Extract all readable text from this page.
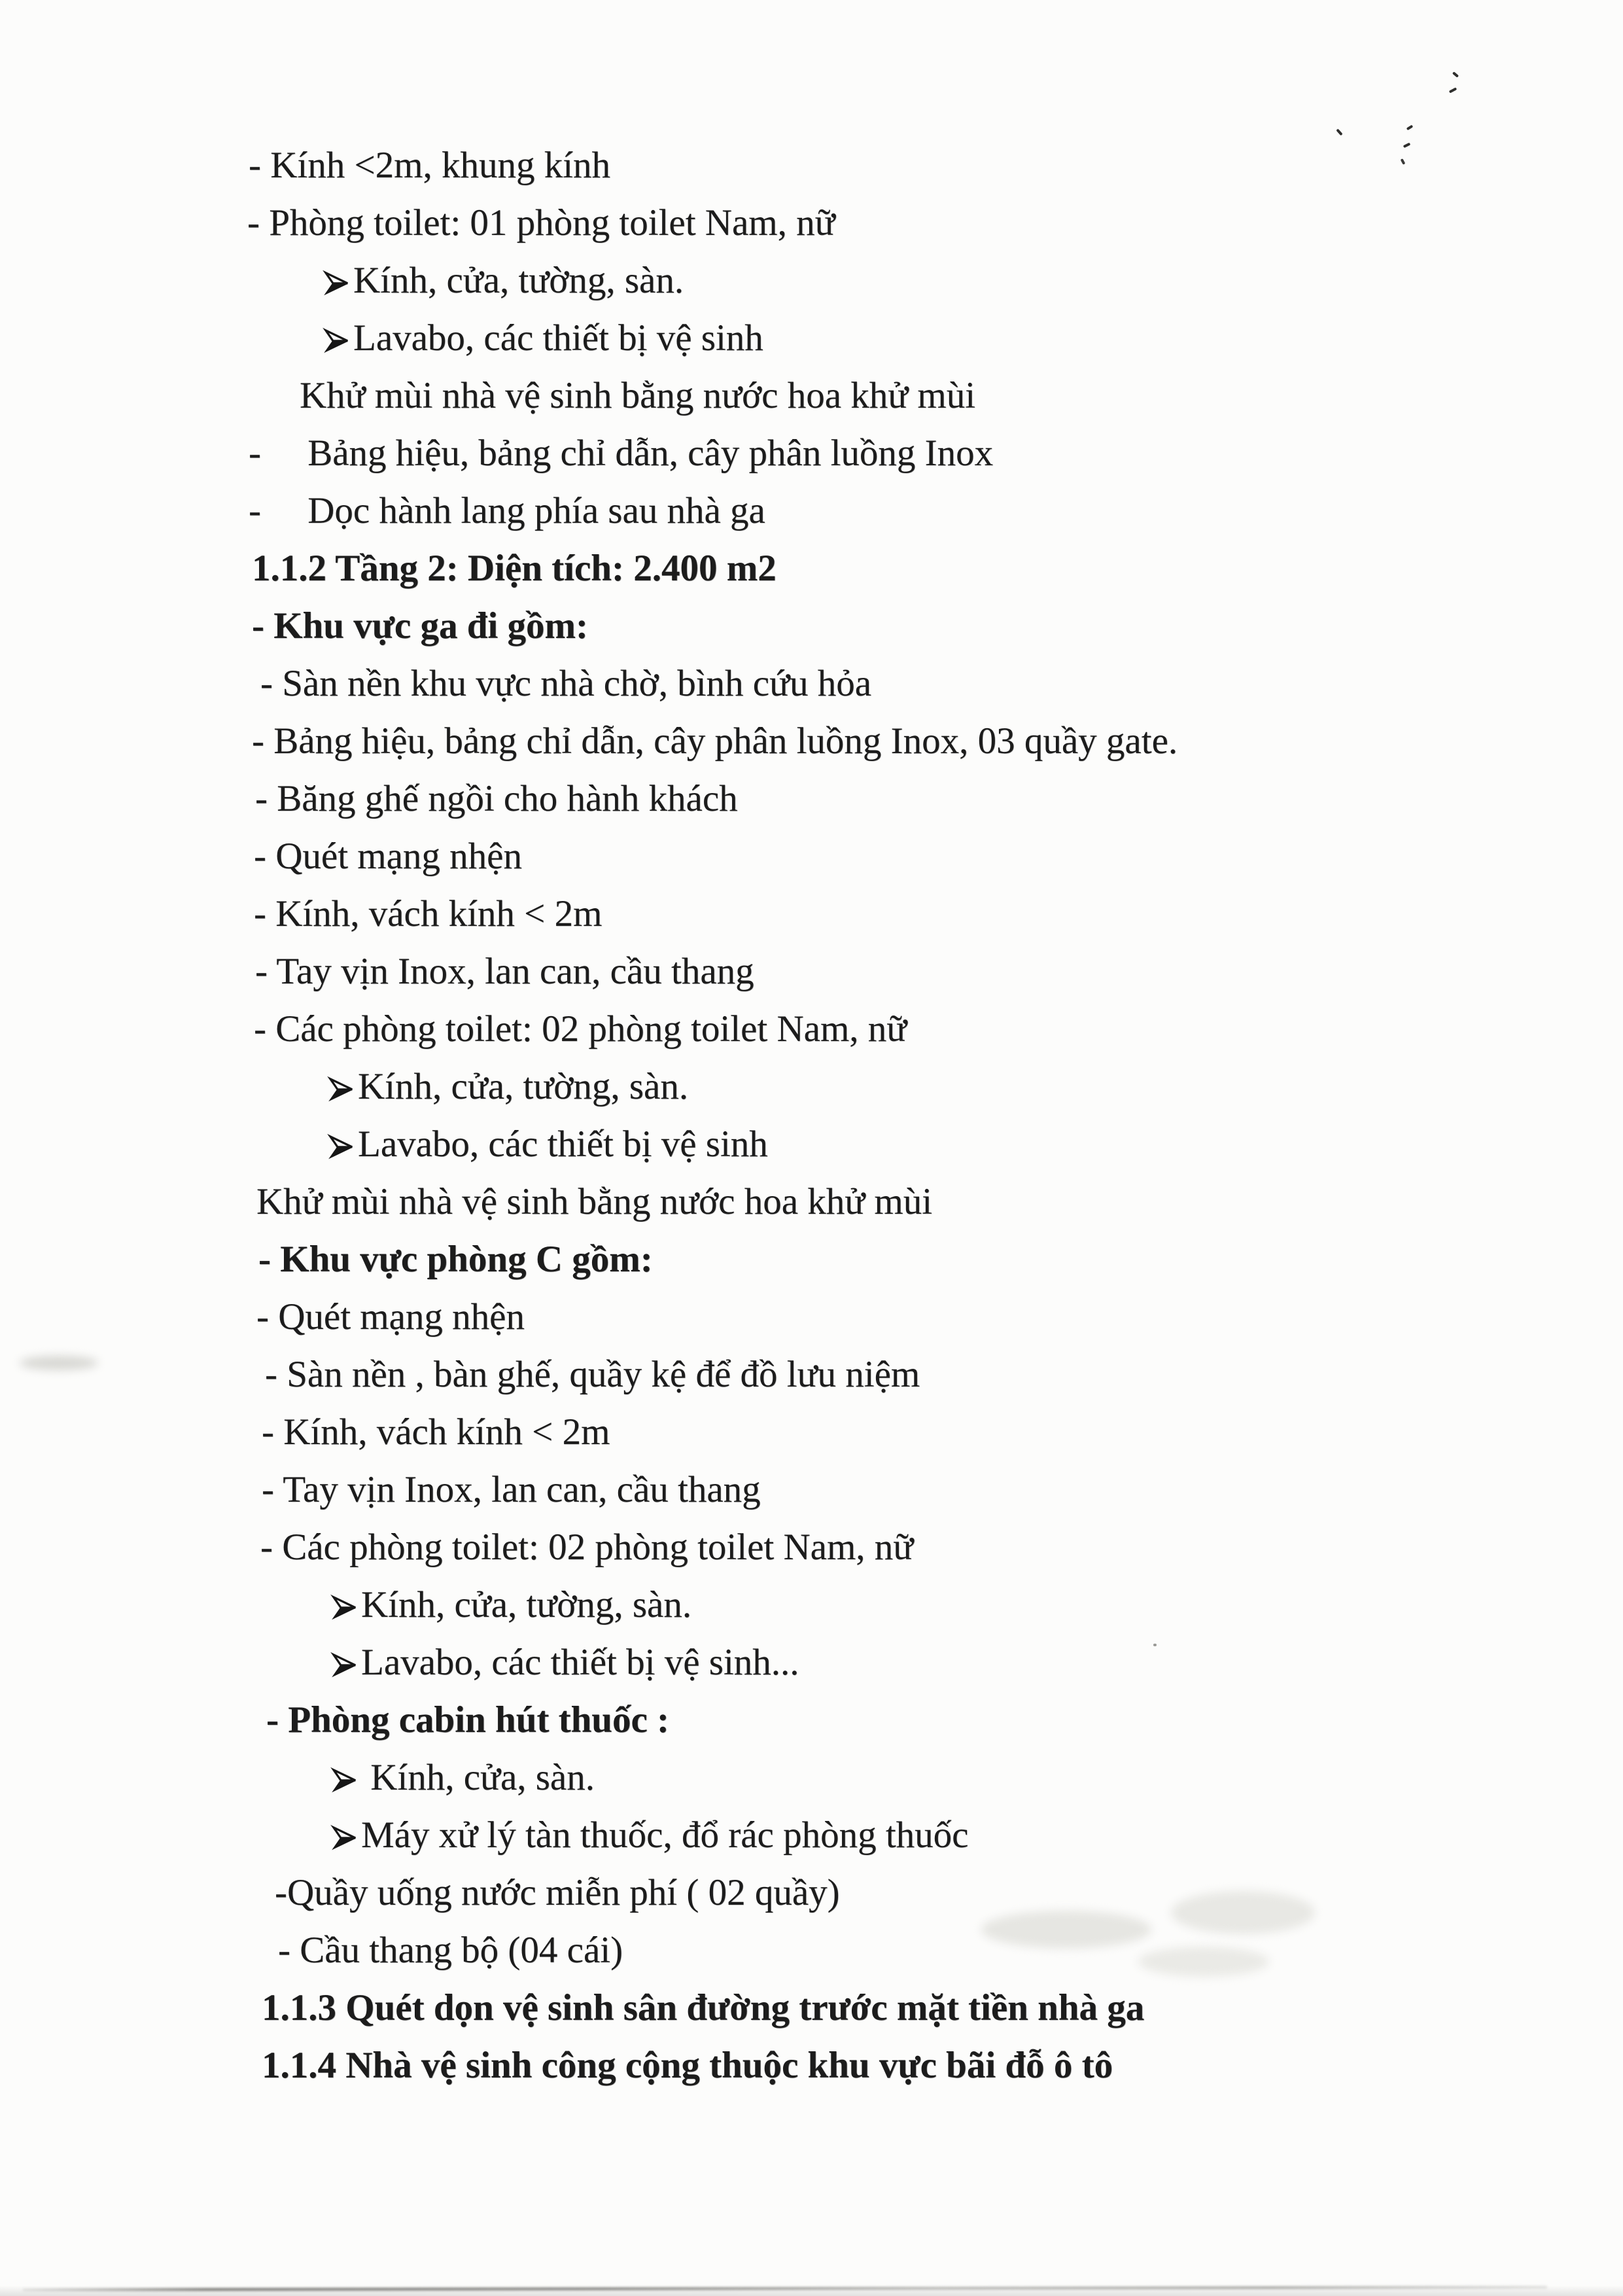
- Kính <2m, khung kính
- Phòng toilet: 01 phòng toilet Nam, nữ
Kính, cửa, tường, sàn.
Lavabo, các thiết bị vệ sinh
Khử mùi nhà vệ sinh bằng nước hoa khử mùi
-     Bảng hiệu, bảng chỉ dẫn, cây phân luồng Inox
-     Dọc hành lang phía sau nhà ga
1.1.2 Tầng 2: Diện tích: 2.400 m2
- Khu vực ga đi gồm:
- Sàn nền khu vực nhà chờ, bình cứu hỏa
- Bảng hiệu, bảng chỉ dẫn, cây phân luồng Inox, 03 quầy gate.
- Băng ghế ngồi cho hành khách
- Quét mạng nhện
- Kính, vách kính < 2m
- Tay vịn Inox, lan can, cầu thang
- Các phòng toilet: 02 phòng toilet Nam, nữ
Kính, cửa, tường, sàn.
Lavabo, các thiết bị vệ sinh
Khử mùi nhà vệ sinh bằng nước hoa khử mùi
- Khu vực phòng C gồm:
- Quét mạng nhện
- Sàn nền , bàn ghế, quầy kệ để đồ lưu niệm
- Kính, vách kính < 2m
- Tay vịn Inox, lan can, cầu thang
- Các phòng toilet: 02 phòng toilet Nam, nữ
Kính, cửa, tường, sàn.
Lavabo, các thiết bị vệ sinh...
- Phòng cabin hút thuốc :
Kính, cửa, sàn.
Máy xử lý tàn thuốc, đổ rác phòng thuốc
-Quầy uống nước miễn phí ( 02 quầy)
- Cầu thang bộ (04 cái)
1.1.3 Quét dọn vệ sinh sân đường trước mặt tiền nhà ga
1.1.4 Nhà vệ sinh công cộng thuộc khu vực bãi đỗ ô tô
